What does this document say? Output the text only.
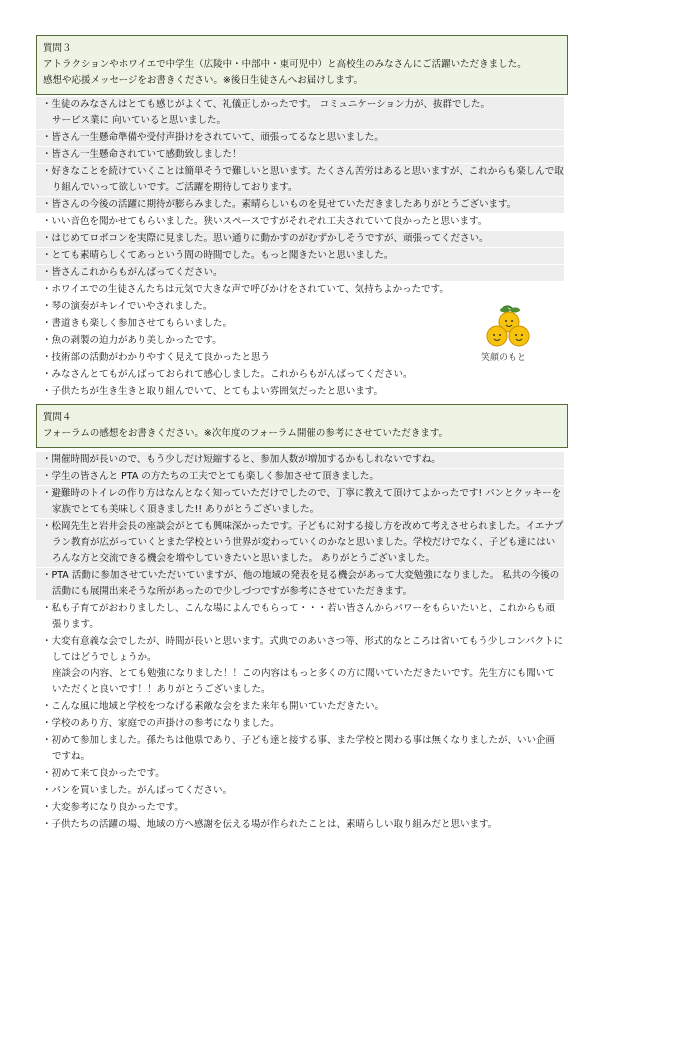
質問３アトラクションやホワイエで中学生（広陵中・中部中・東可児中）と高校生のみなさんにご活躍いただきました。感想や応援メッセージをお書きください。※後日生徒さんへお届けします。
・生徒のみなさんはとても感じがよくて、礼儀正しかったです。 コミュニケーション力が、抜群でした。
サービス業に 向いていると思いました。
・皆さん一生懸命準備や受付声掛けをされていて、頑張ってるなと思いました。
・皆さん一生懸命されていて感動致しました！
・好きなことを続けていくことは簡単そうで難しいと思います。たくさん苦労はあると思いますが、これからも楽しんで取り組んでいって欲しいです。ご活躍を期待しております。
・皆さんの今後の活躍に期待が膨らみました。素晴らしいものを見せていただきましたありがとうございます。
・いい音色を聞かせてもらいました。狭いスペースですがそれぞれ工夫されていて良かったと思います。
・はじめてロボコンを実際に見ました。思い通りに動かすのがむずかしそうですが、頑張ってください。
・とても素晴らしくてあっという間の時間でした。もっと聞きたいと思いました。
・皆さんこれからもがんばってください。
・ホワイエでの生徒さんたちは元気で大きな声で呼びかけをされていて、気持ちよかったです。
・琴の演奏がキレイでいやされました。
・書道きも楽しく参加させてもらいました。
・魚の剥製の迫力があり美しかったです。
・技術部の活動がわかりやすく見えて良かったと思う
・みなさんとてもがんばっておられて感心しました。これからもがんばってください。
・子供たちが生き生きと取り組んでいて、とてもよい雰囲気だったと思います。
質問４フォーラムの感想をお書きください。※次年度のフォーラム開催の参考にさせていただきます。
・開催時間が長いので、もう少しだけ短縮すると、参加人数が増加するかもしれないですね。
・学生の皆さんと PTA の方たちの工夫でとても楽しく参加させて頂きました。
・避難時のトイレの作り方はなんとなく知っていただけでしたので、丁寧に教えて頂けてよかったです! パンとクッキーを家族でとても美味しく頂きました!! ありがとうございました。
・松岡先生と岩井会長の座談会がとても興味深かったです。子どもに対する接し方を改めて考えさせられました。イエナプラン教育が広がっていくとまた学校という世界が変わっていくのかなと思いました。学校だけでなく、子ども達にはいろんな方と交流できる機会を増やしていきたいと思いました。 ありがとうございました。
・PTA 活動に参加させていただいていますが、他の地域の発表を見る機会があって大変勉強になりました。 私共の今後の活動にも展開出来そうな所があったので少しづつですが参考にさせていただきます。
・私も子育てがおわりましたし、こんな場によんでもらって・・・若い皆さんからパワーをもらいたいと、これからも頑張ります。
・大変有意義な会でしたが、時間が長いと思います。式典でのあいさつ等、形式的なところは省いてもう少しコンパクトにしてはどうでしょうか。
座談会の内容、とても勉強になりました！！この内容はもっと多くの方に聞いていただきたいです。先生方にも聞いていただくと良いです！！ありがとうございました。
・こんな風に地域と学校をつなげる素敵な会をまた来年も開いていただきたい。
・学校のあり方、家庭での声掛けの参考になりました。
・初めて参加しました。孫たちは他県であり、子ども達と接する事、また学校と関わる事は無くなりましたが、いい企画ですね。
・初めて来て良かったです。
・パンを買いました。がんばってください。
・大変参考になり良かったです。
・子供たちの活躍の場、地域の方へ感謝を伝える場が作られたことは、素晴らしい取り組みだと思います。
笑顔のもと
